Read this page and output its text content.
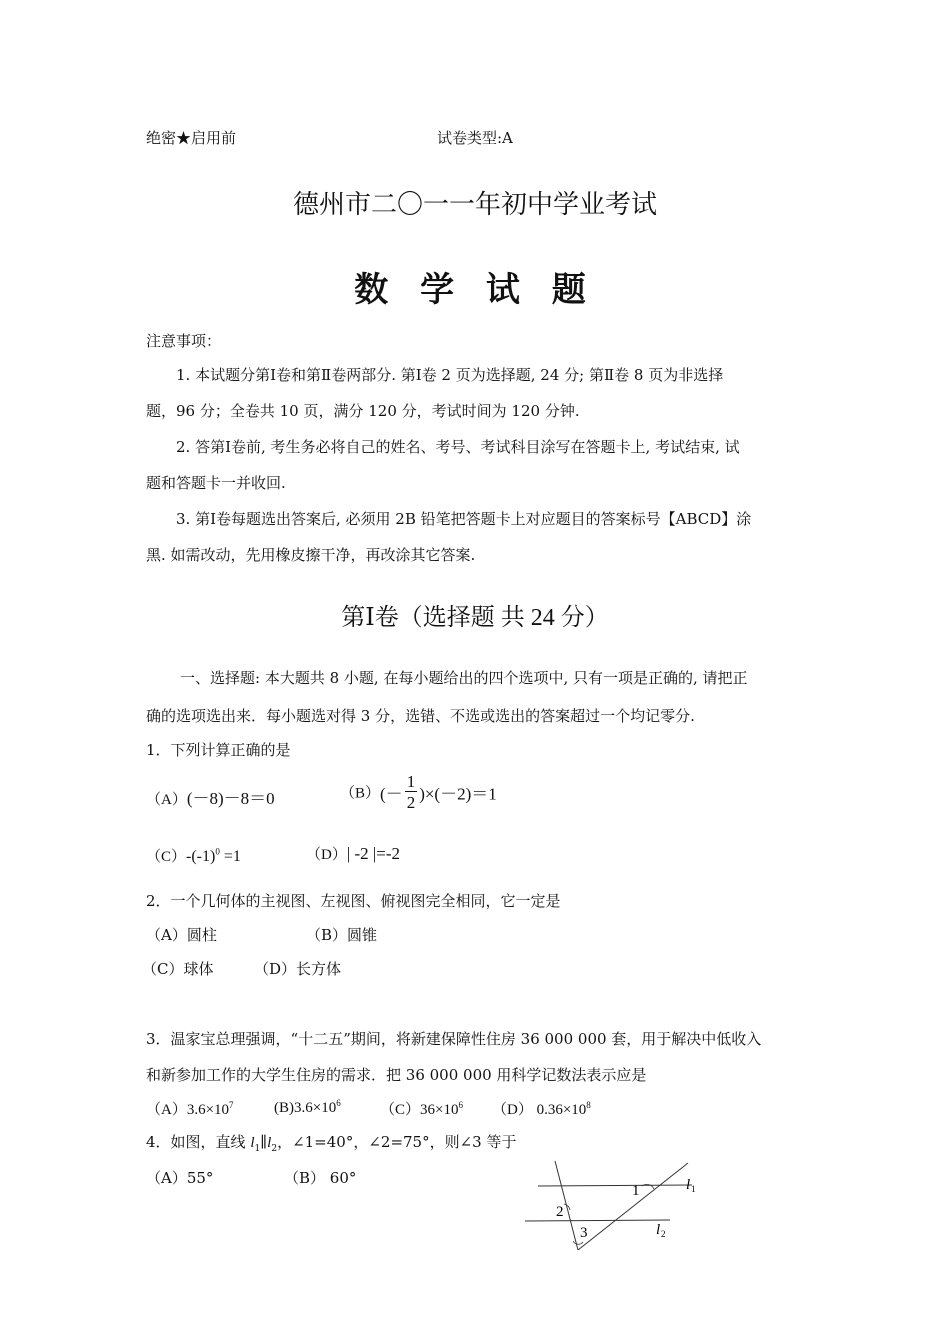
绝密★启用前	试卷类型:A
德州市二〇一一年初中学业考试
数 学 试 题
注意事项：
1. 本试题分第Ⅰ卷和第Ⅱ卷两部分. 第Ⅰ卷 2 页为选择题, 24 分; 第Ⅱ卷 8 页为非选择
题，96 分；全卷共 10 页，满分 120 分，考试时间为 120 分钟.
2. 答第Ⅰ卷前, 考生务必将自己的姓名、考号、考试科目涂写在答题卡上, 考试结束, 试
题和答题卡一并收回.
3. 第Ⅰ卷每题选出答案后, 必须用 2B 铅笔把答题卡上对应题目的答案标号【ABCD】涂
黑. 如需改动，先用橡皮擦干净，再改涂其它答案.
第Ⅰ卷（选择题 共 24 分）
一、选择题: 本大题共 8 小题, 在每小题给出的四个选项中, 只有一项是正确的, 请把正
确的选项选出来．每小题选对得 3 分，选错、不选或选出的答案超过一个均记零分.
1．下列计算正确的是
（A）(－8)－8＝0	$(B)(- \frac{1}{2} )\times(-2)=1$
$(C)-(-1)^0 =1$	（D）| -2 |=-2
2．一个几何体的主视图、左视图、俯视图完全相同，它一定是
（A）圆柱	（B）圆锥
（C）球体	（D）长方体
3．温家宝总理强调，“十二五”期间，将新建保障性住房 36 000 000 套，用于解决中低收入
和新参加工作的大学生住房的需求．把 36 000 000 用科学记数法表示应是
$(A)3.6\times 10^7$	$(B)3.6\times 10^6$	$(C)36\times 10^6$ （D） $0.36\times 10^8$
4．如图，直线 $l_1\parallel l_2$，∠1=40°，∠2=75°，则∠3 等于
（A）55°	（B） 60°
1
2
3
l 1
l 2
